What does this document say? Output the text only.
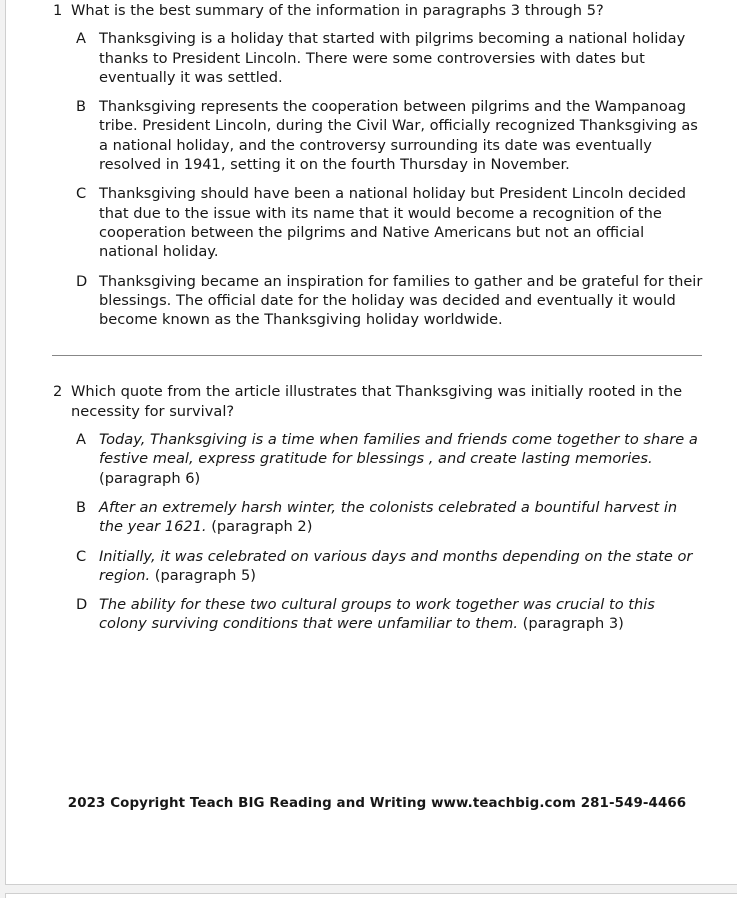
1 What is the best summary of the information in paragraphs 3 through 5?
A Thanksgiving is a holiday that started with pilgrims becoming a national holiday thanks to President Lincoln. There were some controversies with dates but eventually it was settled.
B Thanksgiving represents the cooperation between pilgrims and the Wampanoag tribe. President Lincoln, during the Civil War, officially recognized Thanksgiving as a national holiday, and the controversy surrounding its date was eventually resolved in 1941, setting it on the fourth Thursday in November.
C Thanksgiving should have been a national holiday but President Lincoln decided that due to the issue with its name that it would become a recognition of the cooperation between the pilgrims and Native Americans but not an official national holiday.
D Thanksgiving became an inspiration for families to gather and be grateful for their blessings. The official date for the holiday was decided and eventually it would become known as the Thanksgiving holiday worldwide.
2 Which quote from the article illustrates that Thanksgiving was initially rooted in the necessity for survival?
A Today, Thanksgiving is a time when families and friends come together to share a festive meal, express gratitude for blessings , and create lasting memories. (paragraph 6)
B After an extremely harsh winter, the colonists celebrated a bountiful harvest in the year 1621. (paragraph 2)
C Initially, it was celebrated on various days and months depending on the state or region. (paragraph 5)
D The ability for these two cultural groups to work together was crucial to this colony surviving conditions that were unfamiliar to them. (paragraph 3)
2023 Copyright Teach BIG Reading and Writing www.teachbig.com 281-549-4466
